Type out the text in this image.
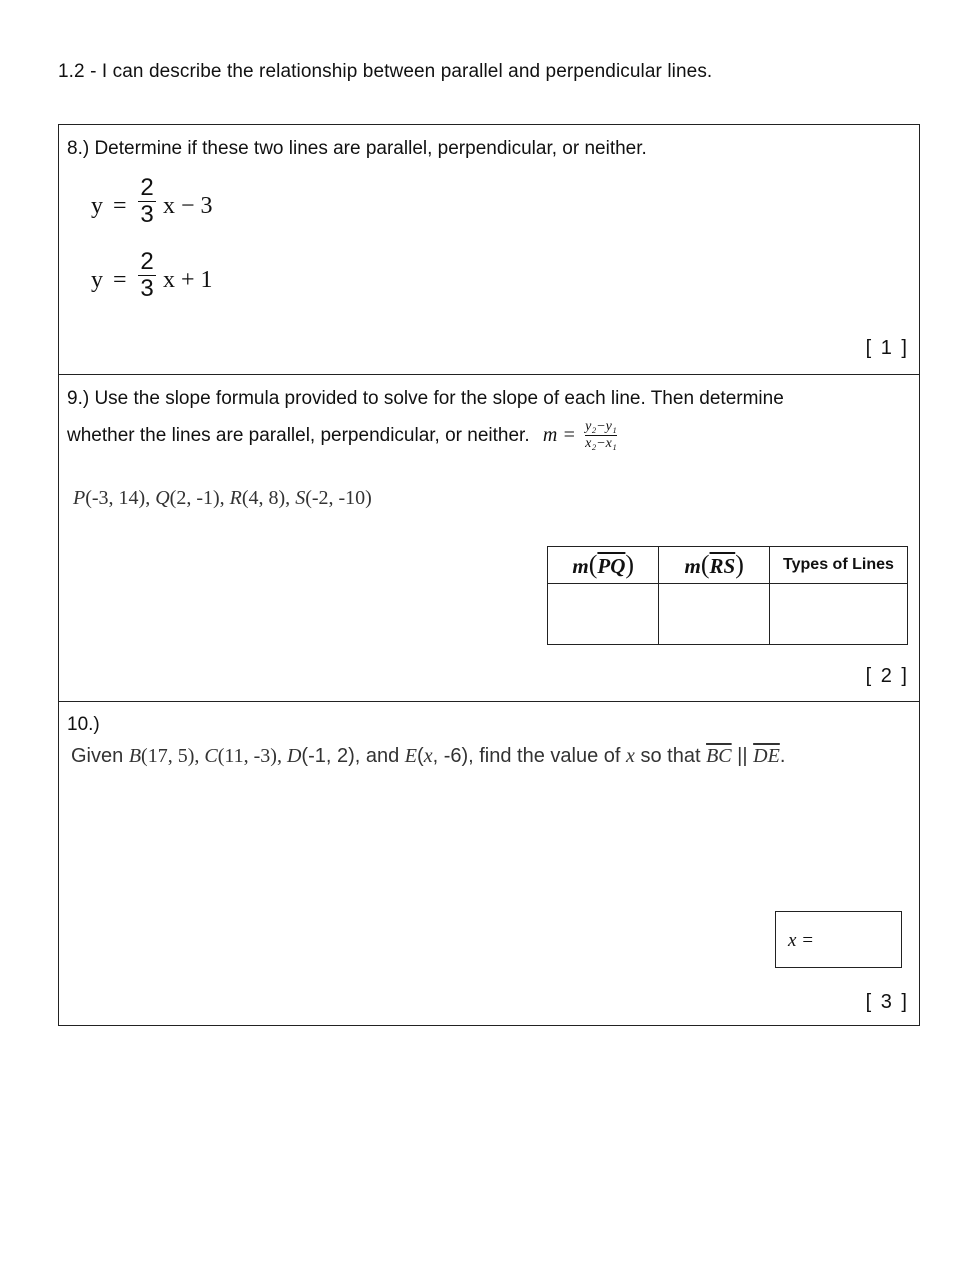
1.2 - I can describe the relationship between parallel and perpendicular lines.
8.) Determine if these two lines are parallel, perpendicular, or neither.
y =
2
3 x − 3
y =
2
3 x + 1
[ 1 ]
9.) Use the slope formula provided to solve for the slope of each line. Then determine
whether the lines are parallel, perpendicular, or neither. $m = \frac{\text{y₂−y₁}}{\text{x₂−x₁}}$
P(-3, 14), Q(2, -1), R(4, 8), S(-2, -10)
$m(\overline{PQ})$	$m(\overline{RS})$	Types of Lines

[ 2 ]
10.)
Given B(17, 5), C(11, -3), D(-1, 2), and E(x, -6), find the value of x so that $\overline{BC}$ || $\overline{DE}$.
x =
[ 3 ]
